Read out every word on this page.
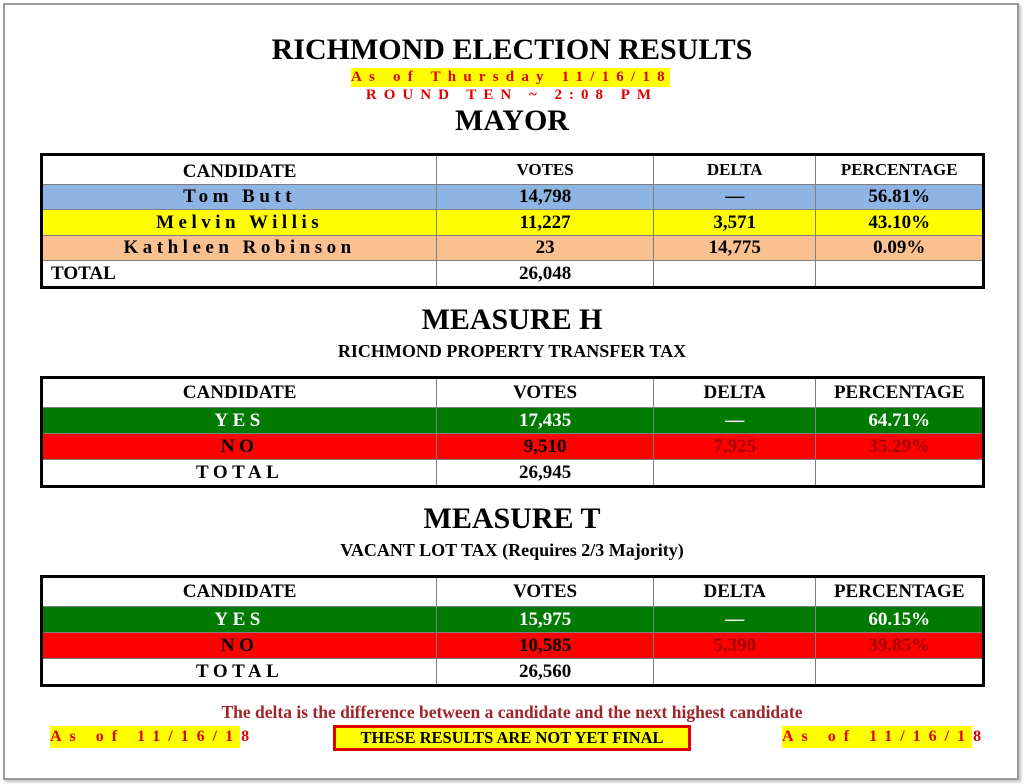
RICHMOND ELECTION RESULTS
As of Thursday 11/16/18
ROUND TEN ~ 2:08 PM
MAYOR
CANDIDATE	VOTES	DELTA	PERCENTAGE
Tom Butt	14,798	—	56.81%
Melvin Willis	11,227	3,571	43.10%
Kathleen Robinson	23	14,775	0.09%
TOTAL	26,048		
MEASURE H
RICHMOND PROPERTY TRANSFER TAX
CANDIDATE	VOTES	DELTA	PERCENTAGE
YES	17,435	—	64.71%
NO	9,510	7,925	35.29%
TOTAL	26,945		
MEASURE T
VACANT LOT TAX (Requires 2/3 Majority)
CANDIDATE	VOTES	DELTA	PERCENTAGE
YES	15,975	—	60.15%
NO	10,585	5,390	39.85%
TOTAL	26,560		
The delta is the difference between a candidate and the next highest candidate
As of 11/16/18	THESE RESULTS ARE NOT YET FINAL	As of 11/16/18
